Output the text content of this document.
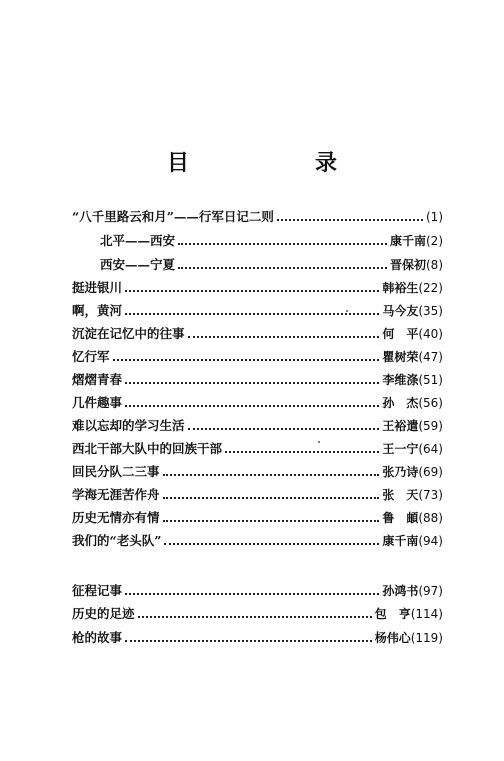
目　录
“八千里路云和月”——行军日记二则	(1)
北平——西安	康千南 (2)
西安——宁夏	晋保初 (8)
挺进银川	韩裕生 (22)
啊，黄河	马今友 (35)
沉淀在记忆中的往事	何　平 (40)
忆行军	瞿树荣 (47)
熠熠青春	李维涤 (51)
几件趣事	孙　杰 (56)
难以忘却的学习生活	王裕遣 (59)
西北干部大队中的回族干部	王一宁 (64)
回民分队二三事	张乃诗 (69)
学海无涯苦作舟	张　天 (73)
历史无情亦有情	鲁　頔 (88)
我们的“老头队”	康千南 (94)
征程记事	孙鸿书 (97)
历史的足迹	包　亨 (114)
枪的故事	杨伟心 (119)
